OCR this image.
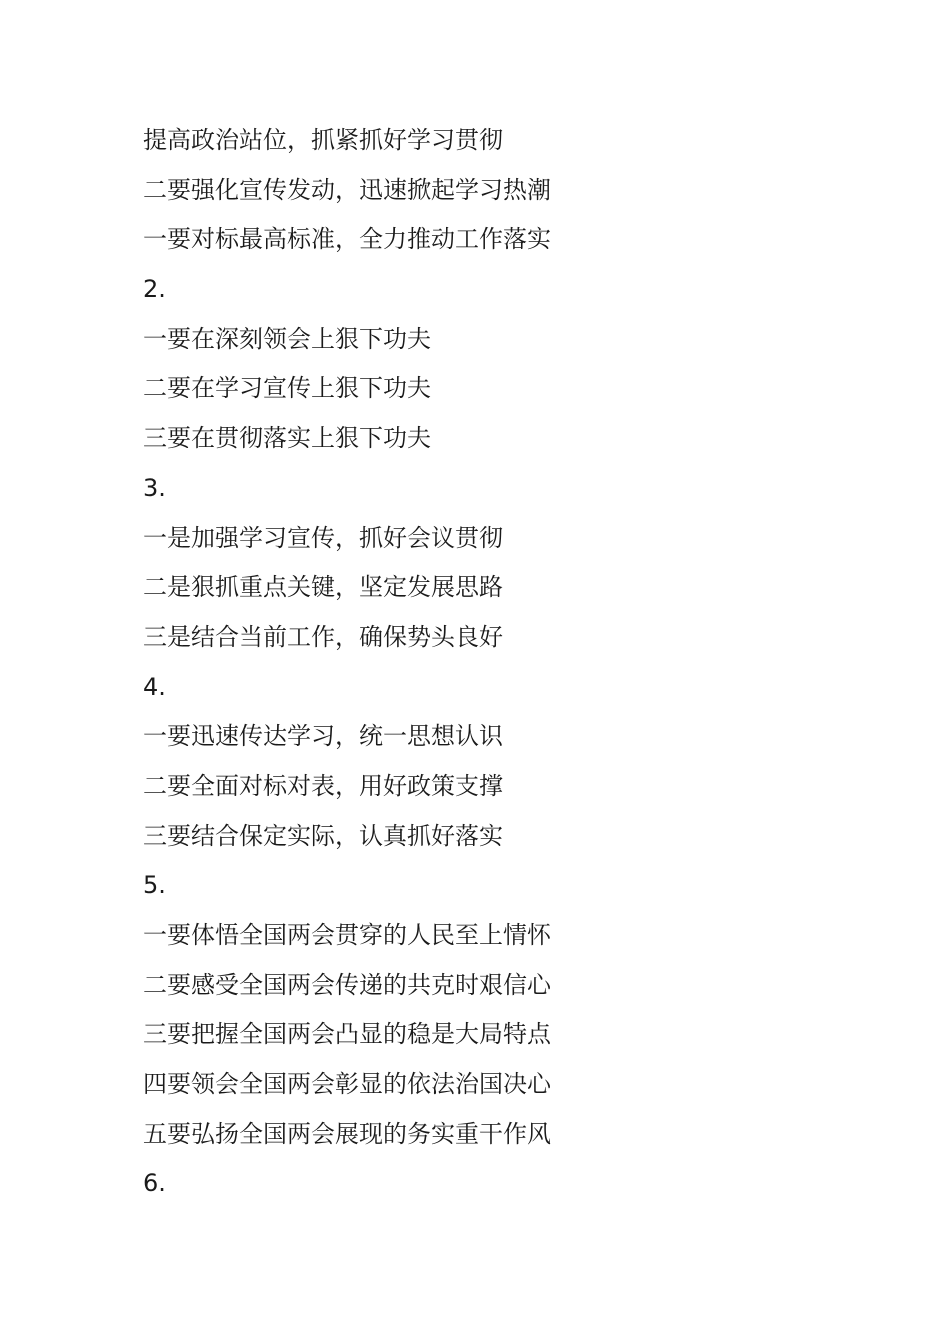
提高政治站位，抓紧抓好学习贯彻
二要强化宣传发动，迅速掀起学习热潮
一要对标最高标准，全力推动工作落实
2.
一要在深刻领会上狠下功夫
二要在学习宣传上狠下功夫
三要在贯彻落实上狠下功夫
3.
一是加强学习宣传，抓好会议贯彻
二是狠抓重点关键，坚定发展思路
三是结合当前工作，确保势头良好
4.
一要迅速传达学习，统一思想认识
二要全面对标对表，用好政策支撑
三要结合保定实际，认真抓好落实
5.
一要体悟全国两会贯穿的人民至上情怀
二要感受全国两会传递的共克时艰信心
三要把握全国两会凸显的稳是大局特点
四要领会全国两会彰显的依法治国决心
五要弘扬全国两会展现的务实重干作风
6.
